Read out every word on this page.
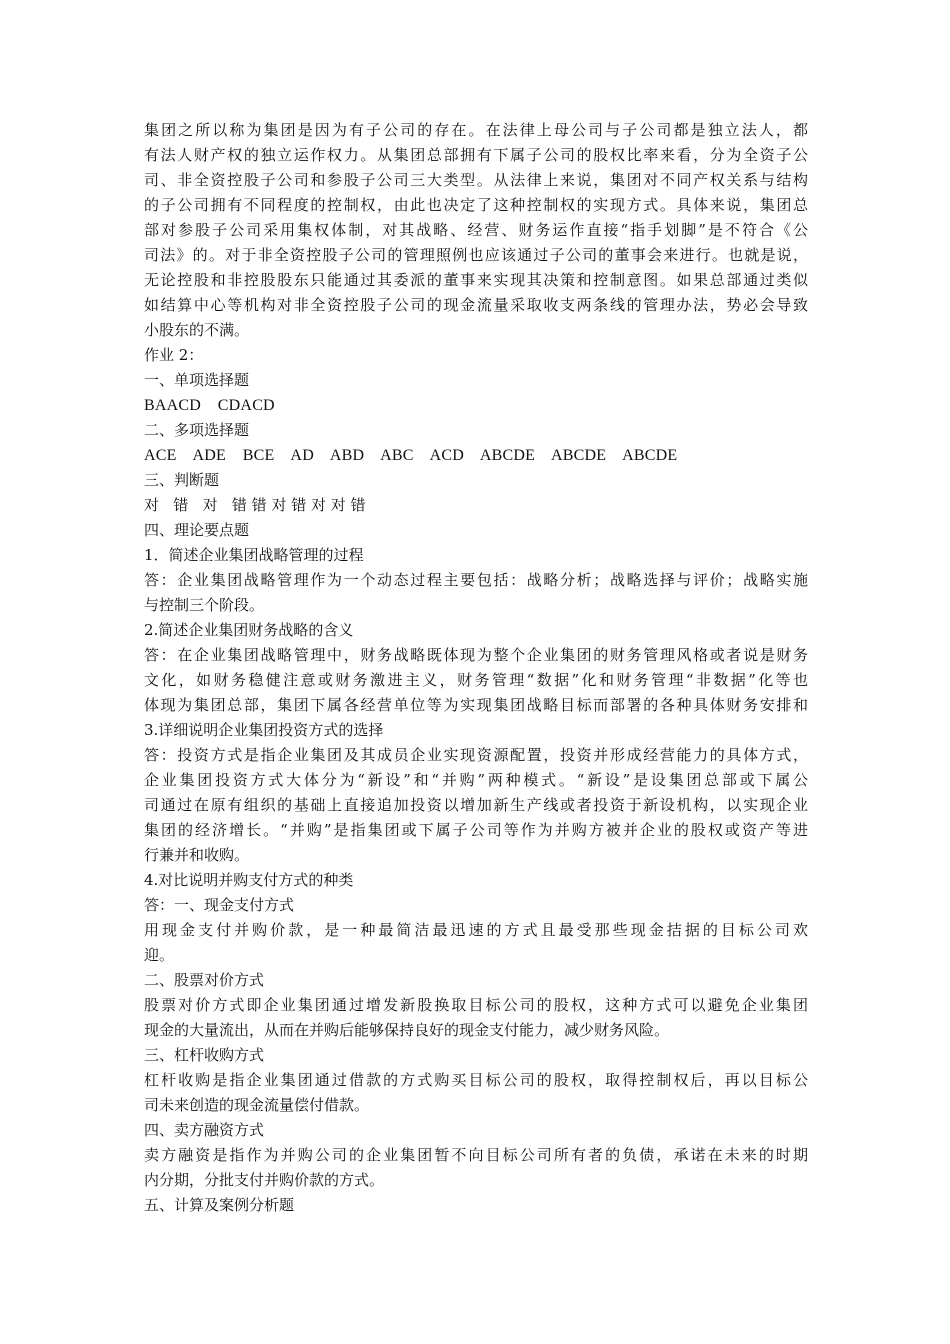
集团之所以称为集团是因为有子公司的存在。在法律上母公司与子公司都是独立法人，都
有法人财产权的独立运作权力。从集团总部拥有下属子公司的股权比率来看，分为全资子公
司、非全资控股子公司和参股子公司三大类型。从法律上来说，集团对不同产权关系与结构
的子公司拥有不同程度的控制权，由此也决定了这种控制权的实现方式。具体来说，集团总
部对参股子公司采用集权体制，对其战略、经营、财务运作直接“指手划脚”是不符合《公
司法》的。对于非全资控股子公司的管理照例也应该通过子公司的董事会来进行。也就是说，
无论控股和非控股股东只能通过其委派的董事来实现其决策和控制意图。如果总部通过类似
如结算中心等机构对非全资控股子公司的现金流量采取收支两条线的管理办法，势必会导致
小股东的不满。
作业 2：
一、单项选择题
BAACD    CDACD
二、多项选择题
ACE    ADE    BCE    AD    ABD    ABC    ACD    ABCDE    ABCDE    ABCDE
三、判断题
对   错   对   错 错 对 错 对 对 错
四、理论要点题
1．简述企业集团战略管理的过程
答：企业集团战略管理作为一个动态过程主要包括：战略分析；战略选择与评价；战略实施
与控制三个阶段。
2.简述企业集团财务战略的含义
答：在企业集团战略管理中，财务战略既体现为整个企业集团的财务管理风格或者说是财务
文化，如财务稳健注意或财务激进主义，财务管理“数据”化和财务管理“非数据”化等也
体现为集团总部，集团下属各经营单位等为实现集团战略目标而部署的各种具体财务安排和
3.详细说明企业集团投资方式的选择
答：投资方式是指企业集团及其成员企业实现资源配置，投资并形成经营能力的具体方式，
企业集团投资方式大体分为“新设”和“并购”两种模式。“新设”是设集团总部或下属公
司通过在原有组织的基础上直接追加投资以增加新生产线或者投资于新设机构，以实现企业
集团的经济增长。“并购”是指集团或下属子公司等作为并购方被并企业的股权或资产等进
行兼并和收购。
4.对比说明并购支付方式的种类
答：一、现金支付方式
用现金支付并购价款，是一种最简洁最迅速的方式且最受那些现金拮据的目标公司欢
迎。
二、股票对价方式
股票对价方式即企业集团通过增发新股换取目标公司的股权，这种方式可以避免企业集团
现金的大量流出，从而在并购后能够保持良好的现金支付能力，减少财务风险。
三、杠杆收购方式
杠杆收购是指企业集团通过借款的方式购买目标公司的股权，取得控制权后，再以目标公
司未来创造的现金流量偿付借款。
四、卖方融资方式
卖方融资是指作为并购公司的企业集团暂不向目标公司所有者的负债，承诺在未来的时期
内分期，分批支付并购价款的方式。
五、计算及案例分析题
